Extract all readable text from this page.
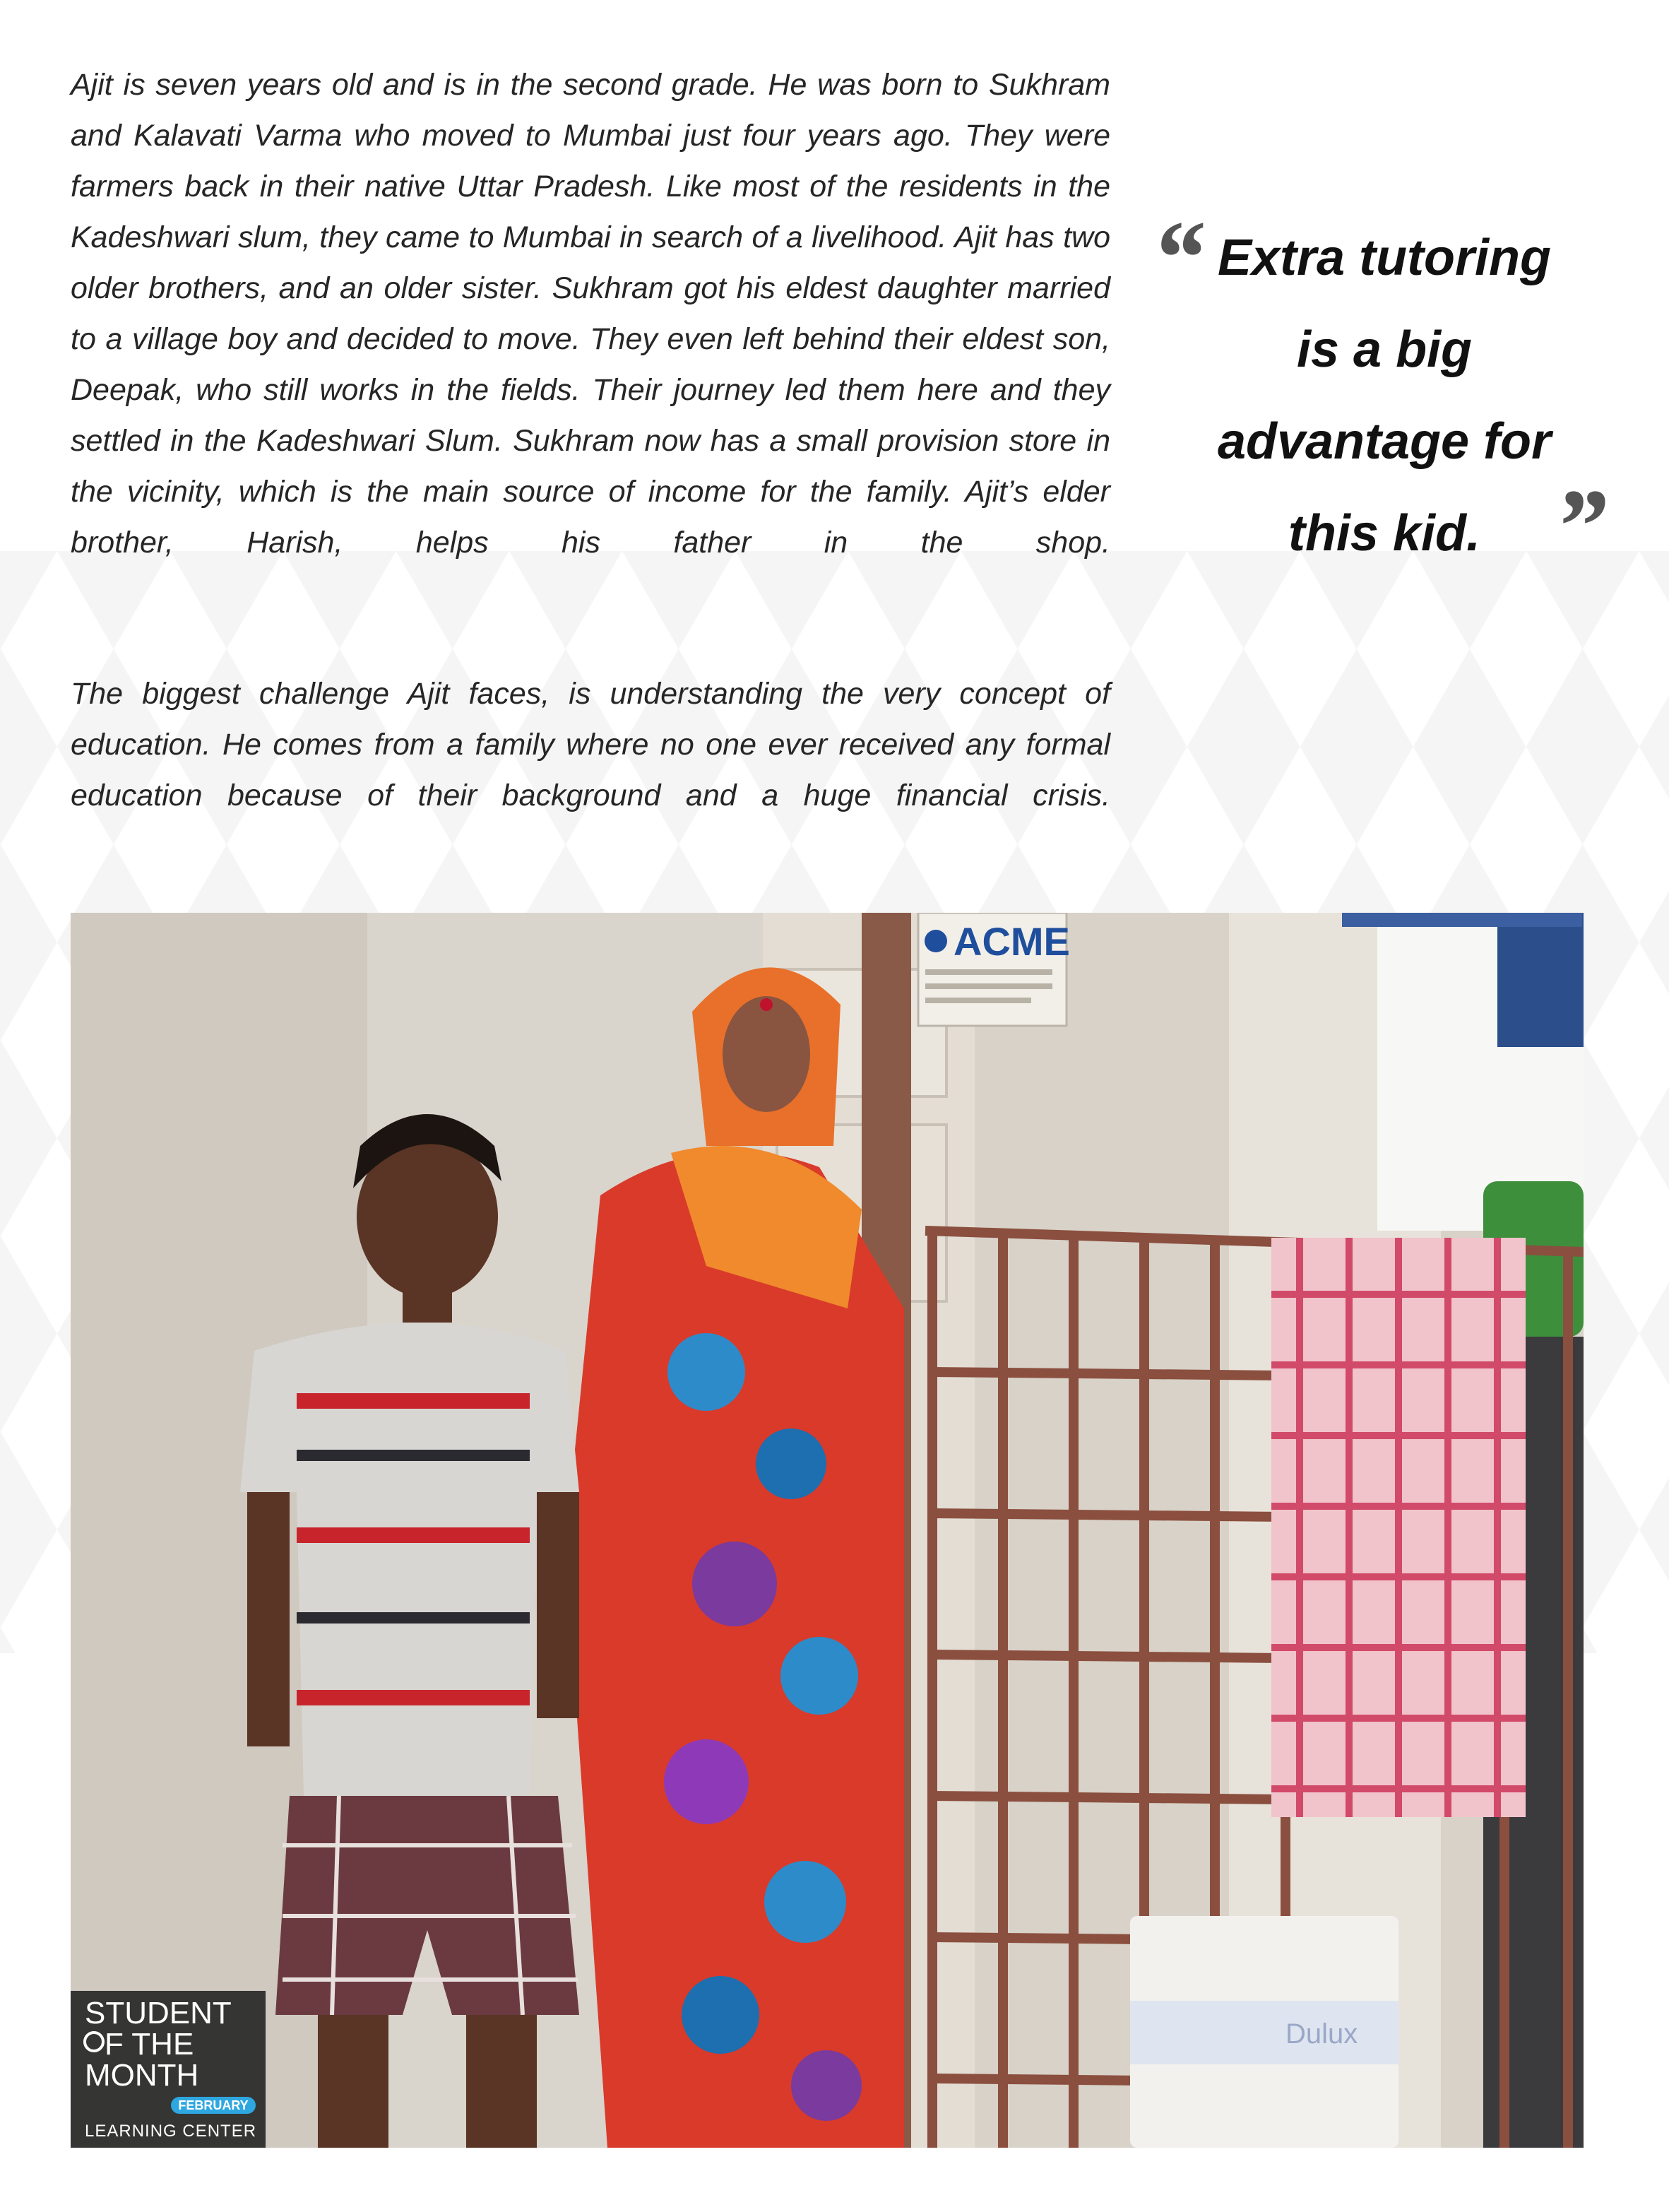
Ajit is seven years old and is in the second grade. He was born to Sukhram and Kalavati Varma who moved to Mumbai just four years ago. They were farmers back in their native Uttar Pradesh. Like most of the residents in the Kadeshwari slum, they came to Mumbai in search of a livelihood. Ajit has two older brothers, and an older sister. Sukhram got his eldest daughter married to a village boy and decided to move. They even left behind their eldest son, Deepak, who still works in the fields. Their journey led them here and they settled in the Kadeshwari Slum. Sukhram now has a small provision store in the vicinity, which is the main source of income for the family. Ajit’s elder brother, Harish, helps his father in the shop.

The biggest challenge Ajit faces, is understanding the very concept of education. He comes from a family where no one ever received any formal education because of their background and a huge financial crisis.

“ Extra tutoring is a big advantage for this kid. ”
ACME
Dulux
STUDENT
F THE
MONTH
FEBRUARY
LEARNING CENTER
